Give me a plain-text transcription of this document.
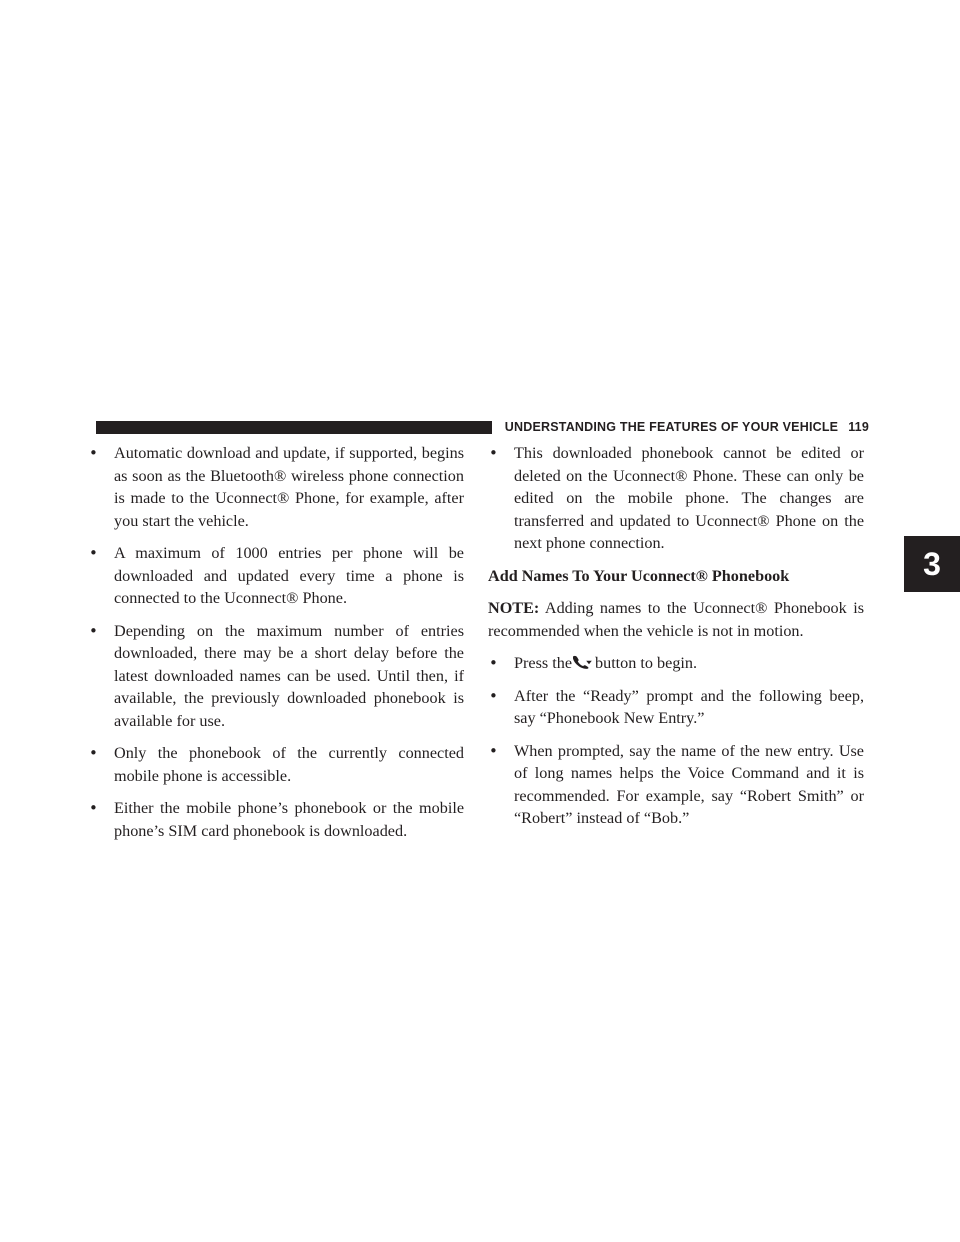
UNDERSTANDING THE FEATURES OF YOUR VEHICLE 119
3
• Automatic download and update, if supported, begins as soon as the Bluetooth® wireless phone connection is made to the Uconnect® Phone, for example, after you start the vehicle.
• A maximum of 1000 entries per phone will be downloaded and updated every time a phone is connected to the Uconnect® Phone.
• Depending on the maximum number of entries downloaded, there may be a short delay before the latest downloaded names can be used. Until then, if available, the previously downloaded phonebook is available for use.
• Only the phonebook of the currently connected mobile phone is accessible.
• Either the mobile phone’s phonebook or the mobile phone’s SIM card phonebook is downloaded.
• This downloaded phonebook cannot be edited or deleted on the Uconnect® Phone. These can only be edited on the mobile phone. The changes are transferred and updated to Uconnect® Phone on the next phone connection.
Add Names To Your Uconnect® Phonebook
NOTE: Adding names to the Uconnect® Phonebook is recommended when the vehicle is not in motion.
• Press the button to begin.
• After the “Ready” prompt and the following beep, say “Phonebook New Entry.”
• When prompted, say the name of the new entry. Use of long names helps the Voice Command and it is recommended. For example, say “Robert Smith” or “Robert” instead of “Bob.”
